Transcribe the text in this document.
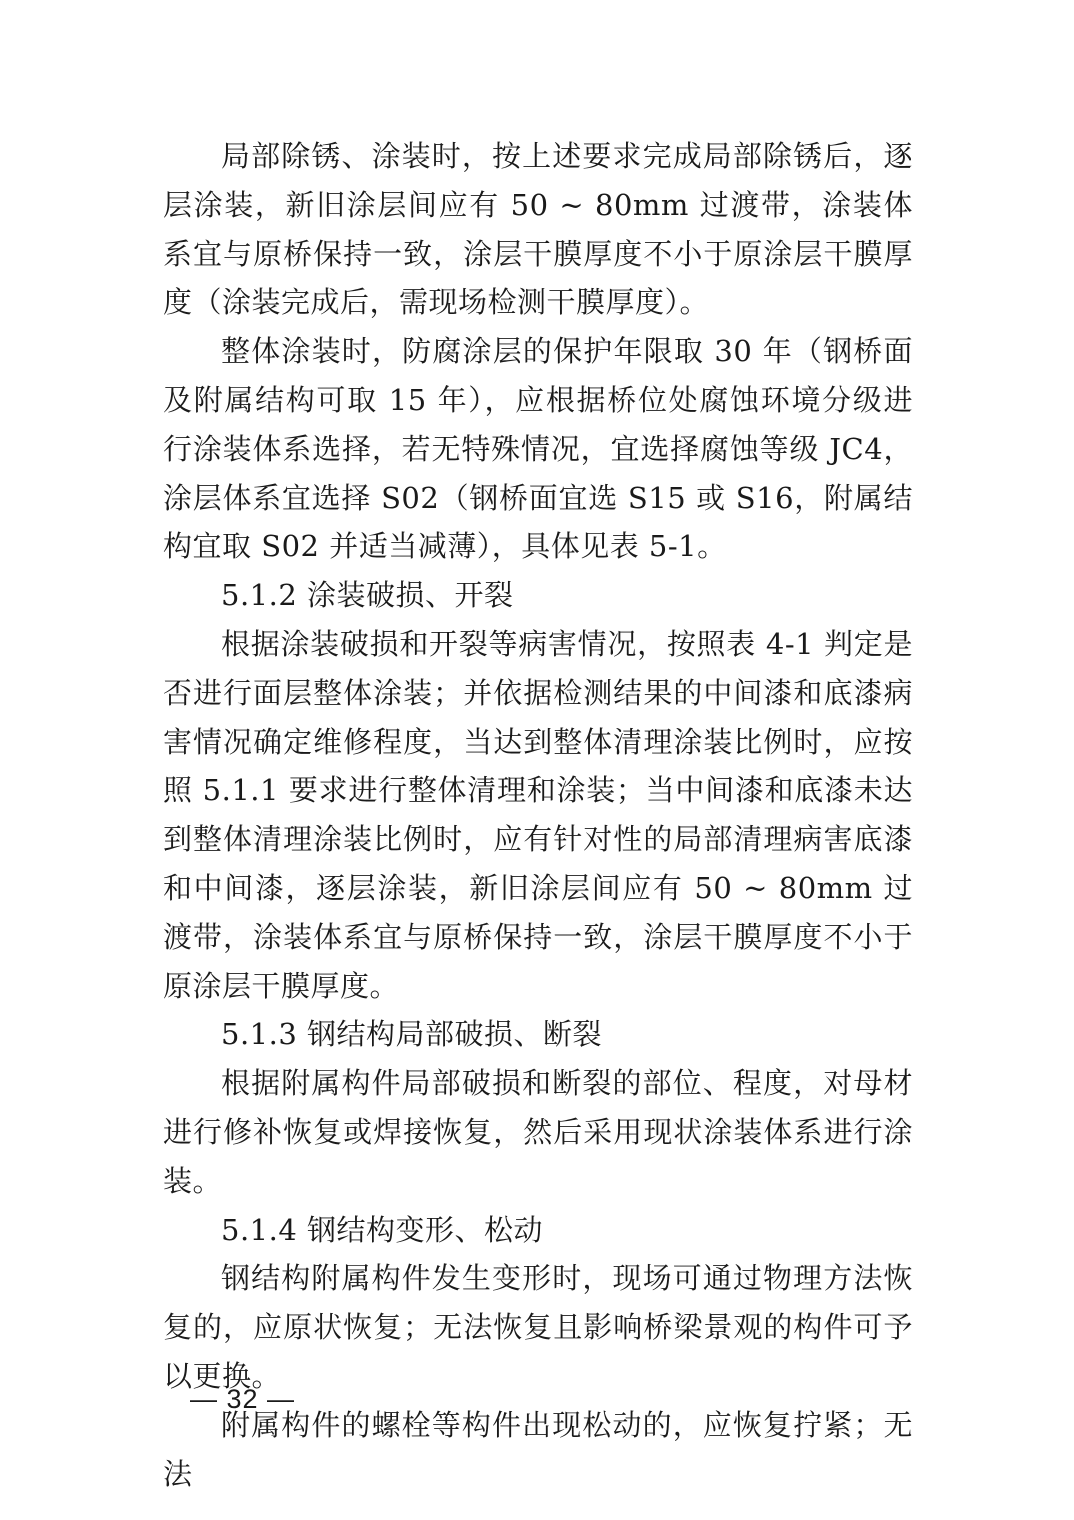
局部除锈、涂装时，按上述要求完成局部除锈后，逐层涂装，新旧涂层间应有 50 ~ 80mm 过渡带，涂装体系宜与原桥保持一致，涂层干膜厚度不小于原涂层干膜厚度（涂装完成后，需现场检测干膜厚度）。

整体涂装时，防腐涂层的保护年限取 30 年（钢桥面及附属结构可取 15 年），应根据桥位处腐蚀环境分级进行涂装体系选择，若无特殊情况，宜选择腐蚀等级 JC4，涂层体系宜选择 S02（钢桥面宜选 S15 或 S16，附属结构宜取 S02 并适当减薄），具体见表 5-1。

5.1.2 涂装破损、开裂

根据涂装破损和开裂等病害情况，按照表 4-1 判定是否进行面层整体涂装；并依据检测结果的中间漆和底漆病害情况确定维修程度，当达到整体清理涂装比例时，应按照 5.1.1 要求进行整体清理和涂装；当中间漆和底漆未达到整体清理涂装比例时，应有针对性的局部清理病害底漆和中间漆，逐层涂装，新旧涂层间应有 50 ~ 80mm 过渡带，涂装体系宜与原桥保持一致，涂层干膜厚度不小于原涂层干膜厚度。

5.1.3 钢结构局部破损、断裂

根据附属构件局部破损和断裂的部位、程度，对母材进行修补恢复或焊接恢复，然后采用现状涂装体系进行涂装。

5.1.4 钢结构变形、松动

钢结构附属构件发生变形时，现场可通过物理方法恢复的，应原状恢复；无法恢复且影响桥梁景观的构件可予以更换。

附属构件的螺栓等构件出现松动的，应恢复拧紧；无法

— 32 —
